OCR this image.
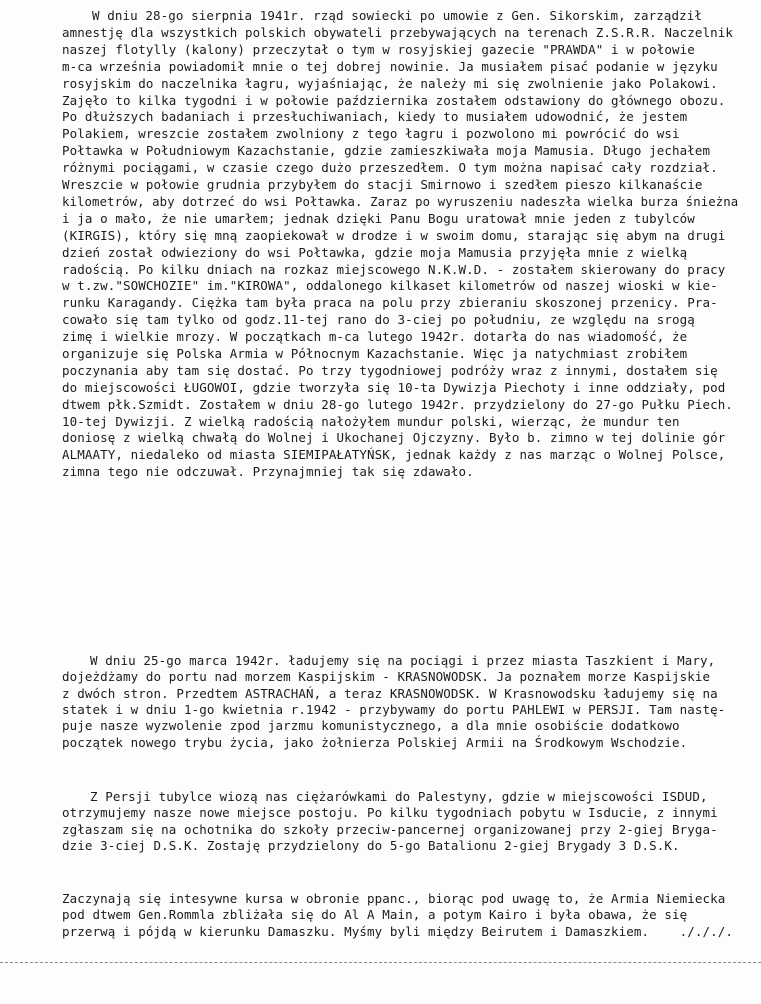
W dniu 28-go sierpnia 1941r. rząd sowiecki po umowie z Gen. Sikorskim, zarządził
amnestję dla wszystkich polskich obywateli przebywających na terenach Z.S.R.R. Naczelnik
naszej flotylly (kalony) przeczytał o tym w rosyjskiej gazecie "PRAWDA" i w połowie
m-ca września powiadomił mnie o tej dobrej nowinie. Ja musiałem pisać podanie w języku
rosyjskim do naczelnika łagru, wyjaśniając, że należy mi się zwolnienie jako Polakowi.
Zajęło to kilka tygodni i w połowie października zostałem odstawiony do głównego obozu.
Po dłuższych badaniach i przesłuchiwaniach, kiedy to musiałem udowodnić, że jestem
Polakiem, wreszcie zostałem zwolniony z tego łagru i pozwolono mi powrócić do wsi
Połtawka w Południowym Kazachstanie, gdzie zamieszkiwała moja Mamusia. Długo jechałem
różnymi pociągami, w czasie czego dużo przeszedłem. O tym można napisać cały rozdział.
Wreszcie w połowie grudnia przybyłem do stacji Smirnowo i szedłem pieszo kilkanaście
kilometrów, aby dotrzeć do wsi Połtawka. Zaraz po wyruszeniu nadeszła wielka burza śnieżna
i ja o mało, że nie umarłem; jednak dzięki Panu Bogu uratował mnie jeden z tubylców
(KIRGIS), który się mną zaopiekował w drodze i w swoim domu, starając się abym na drugi
dzień został odwieziony do wsi Połtawka, gdzie moja Mamusia przyjęła mnie z wielką
radością. Po kilku dniach na rozkaz miejscowego N.K.W.D. - zostałem skierowany do pracy
w t.zw."SOWCHOZIE" im."KIROWA", oddalonego kilkaset kilometrów od naszej wioski w kie-
runku Karagandy. Ciężka tam była praca na polu przy zbieraniu skoszonej przenicy. Pra-
cowało się tam tylko od godz.11-tej rano do 3-ciej po południu, ze względu na srogą
zimę i wielkie mrozy. W początkach m-ca lutego 1942r. dotarła do nas wiadomość, że
organizuje się Polska Armia w Północnym Kazachstanie. Więc ja natychmiast zrobiłem
poczynania aby tam się dostać. Po trzy tygodniowej podróży wraz z innymi, dostałem się
do miejscowości ŁUGOWOI, gdzie tworzyła się 10-ta Dywizja Piechoty i inne oddziały, pod
dtwem płk.Szmidt. Zostałem w dniu 28-go lutego 1942r. przydzielony do 27-go Pułku Piech.
10-tej Dywizji. Z wielką radością nałożyłem mundur polski, wierząc, że mundur ten
doniosę z wielką chwałą do Wolnej i Ukochanej Ojczyzny. Było b. zimno w tej dolinie gór
ALMAATY, niedaleko od miasta SIEMIPAŁATYŃSK, jednak każdy z nas marząc o Wolnej Polsce,
zimna tego nie odczuwał. Przynajmniej tak się zdawało.
W dniu 25-go marca 1942r. ładujemy się na pociągi i przez miasta Taszkient i Mary,
dojeżdżamy do portu nad morzem Kaspijskim - KRASNOWODSK. Ja poznałem morze Kaspijskie
z dwóch stron. Przedtem ASTRACHAŃ, a teraz KRASNOWODSK. W Krasnowodsku ładujemy się na
statek i w dniu 1-go kwietnia r.1942 - przybywamy do portu PAHLEWI w PERSJI. Tam nastę-
puje nasze wyzwolenie zpod jarzmu komunistycznego, a dla mnie osobiście dodatkowo
początek nowego trybu życia, jako żołnierza Polskiej Armii na Środkowym Wschodzie.
Z Persji tubylce wiozą nas ciężarówkami do Palestyny, gdzie w miejscowości ISDUD,
otrzymujemy nasze nowe miejsce postoju. Po kilku tygodniach pobytu w Isducie, z innymi
zgłaszam się na ochotnika do szkoły przeciw-pancernej organizowanej przy 2-giej Bryga-
dzie 3-ciej D.S.K. Zostaję przydzielony do 5-go Batalionu 2-giej Brygady 3 D.S.K.
Zaczynają się intesywne kursa w obronie ppanc., biorąc pod uwagę to, że Armia Niemiecka
pod dtwem Gen.Rommla zbliżała się do Al A Main, a potym Kairo i była obawa, że się
przerwą i pójdą w kierunku Damaszku. Myśmy byli między Beirutem i Damaszkiem.    ./././.
